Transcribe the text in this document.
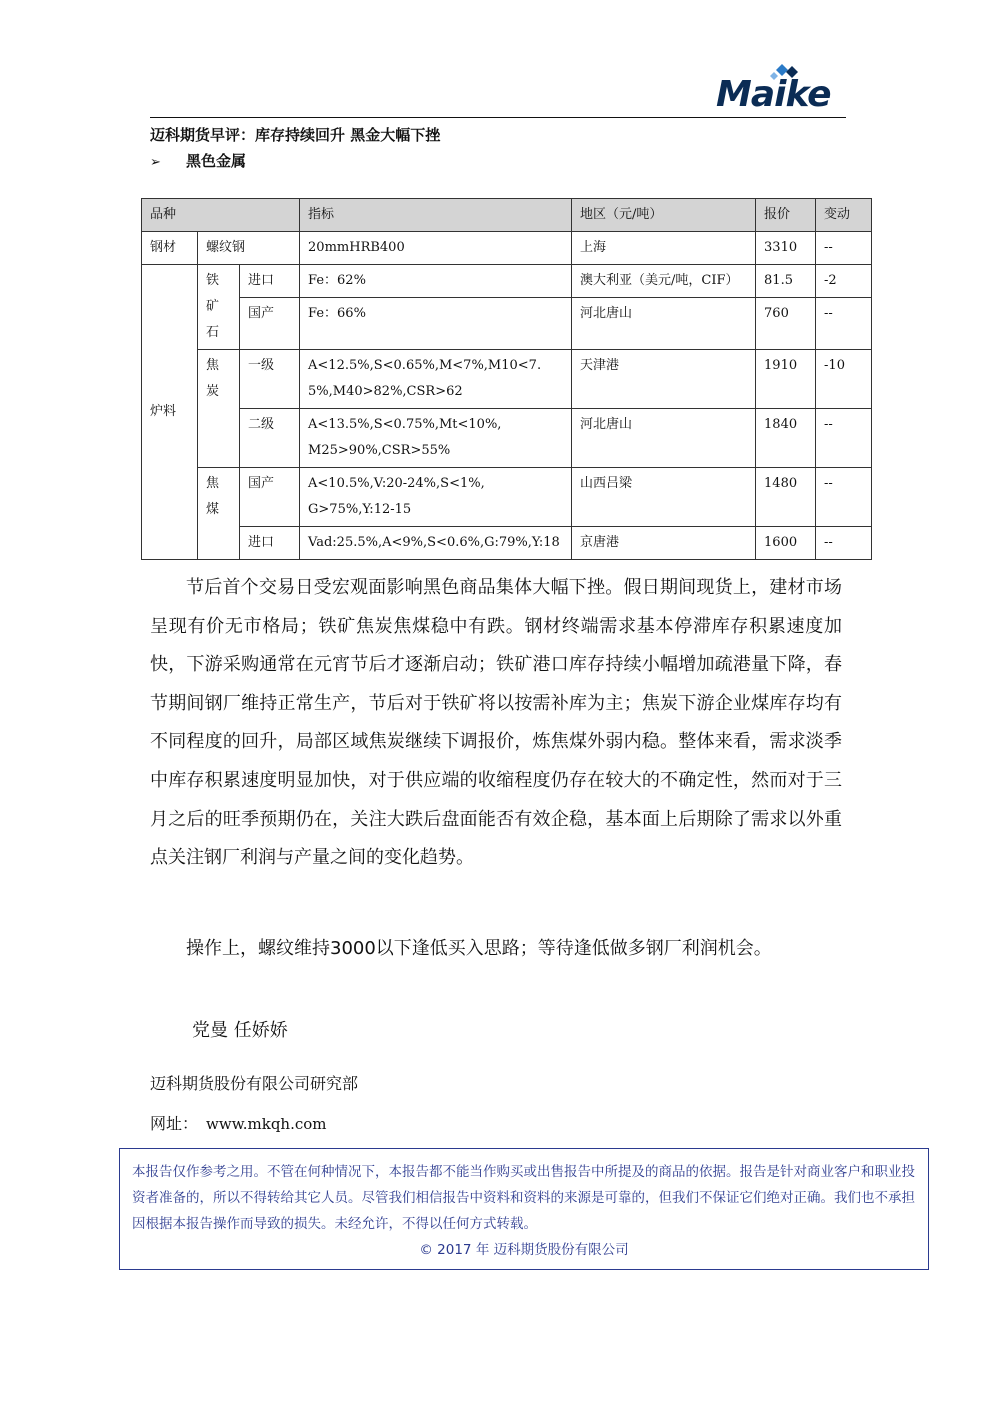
Maike
迈科期货早评：库存持续回升 黑金大幅下挫
➢ 黑色金属
品种			指标	地区（元/吨）	报价	变动
钢材	螺纹钢		20mmHRB400	上海	3310	--
炉料	铁矿石	进口	Fe：62%	澳大利亚（美元/吨，CIF）	81.5	-2
		国产	Fe：66%	河北唐山	760	--
	焦炭	一级	A<12.5%,S<0.65%,M<7%,M10<7.5%,M40>82%,CSR>62	天津港	1910	-10
		二级	A<13.5%,S<0.75%,Mt<10%, M25>90%,CSR>55%	河北唐山	1840	--
	焦煤	国产	A<10.5%,V:20-24%,S<1%, G>75%,Y:12-15	山西吕梁	1480	--
		进口	Vad:25.5%,A<9%,S<0.6%,G:79%,Y:18	京唐港	1600	--
节后首个交易日受宏观面影响黑色商品集体大幅下挫。假日期间现货上，建材市场呈现有价无市格局；铁矿焦炭焦煤稳中有跌。钢材终端需求基本停滞库存积累速度加快，下游采购通常在元宵节后才逐渐启动；铁矿港口库存持续小幅增加疏港量下降，春节期间钢厂维持正常生产，节后对于铁矿将以按需补库为主；焦炭下游企业煤库存均有不同程度的回升，局部区域焦炭继续下调报价，炼焦煤外弱内稳。整体来看，需求淡季中库存积累速度明显加快，对于供应端的收缩程度仍存在较大的不确定性，然而对于三月之后的旺季预期仍在，关注大跌后盘面能否有效企稳，基本面上后期除了需求以外重点关注钢厂利润与产量之间的变化趋势。
操作上，螺纹维持3000以下逢低买入思路；等待逢低做多钢厂利润机会。
党曼 任娇娇
迈科期货股份有限公司研究部
网址： www.mkqh.com
本报告仅作参考之用。不管在何种情况下，本报告都不能当作购买或出售报告中所提及的商品的依据。报告是针对商业客户和职业投资者准备的，所以不得转给其它人员。尽管我们相信报告中资料和资料的来源是可靠的，但我们不保证它们绝对正确。我们也不承担因根据本报告操作而导致的损失。未经允许，不得以任何方式转载。
© 2017 年 迈科期货股份有限公司
